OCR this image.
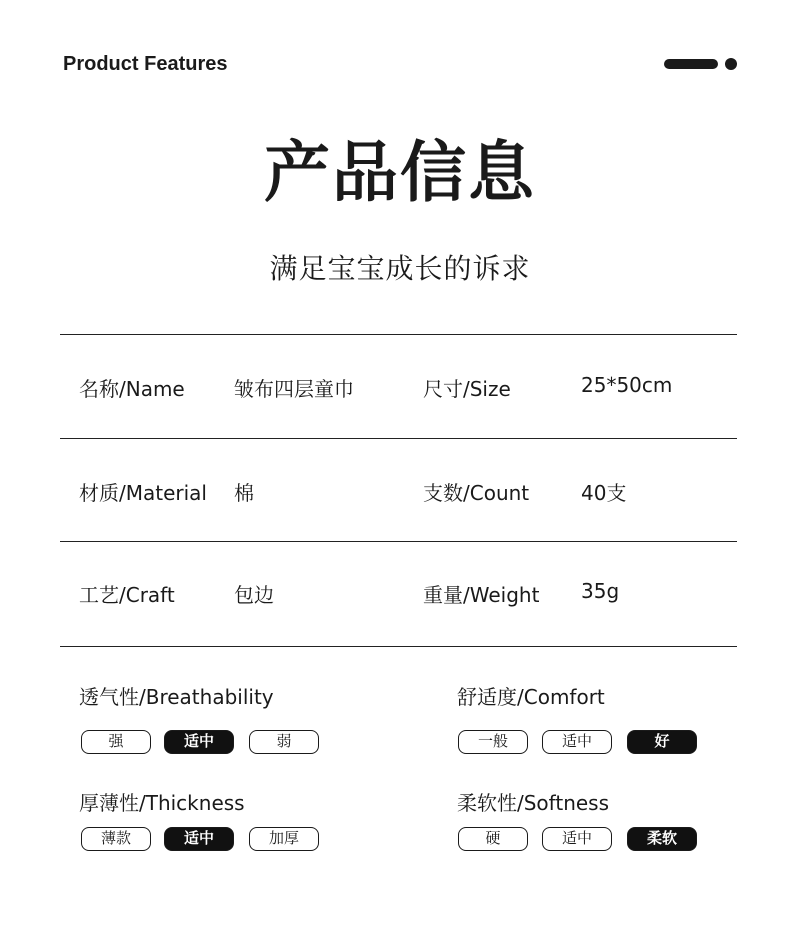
Product Features
产品信息
满足宝宝成长的诉求
名称/Name 皱布四层童巾	尺寸/Size	25*50cm
材质/Material 棉	支数/Count	40支
工艺/Craft	包边	重量/Weight 35g
透气性/Breathability	舒适度/Comfort
厚薄性/Thickness	柔软性/Softness
强	适中	弱	一般	适中	好
薄款	适中	加厚	硬	适中	柔软
